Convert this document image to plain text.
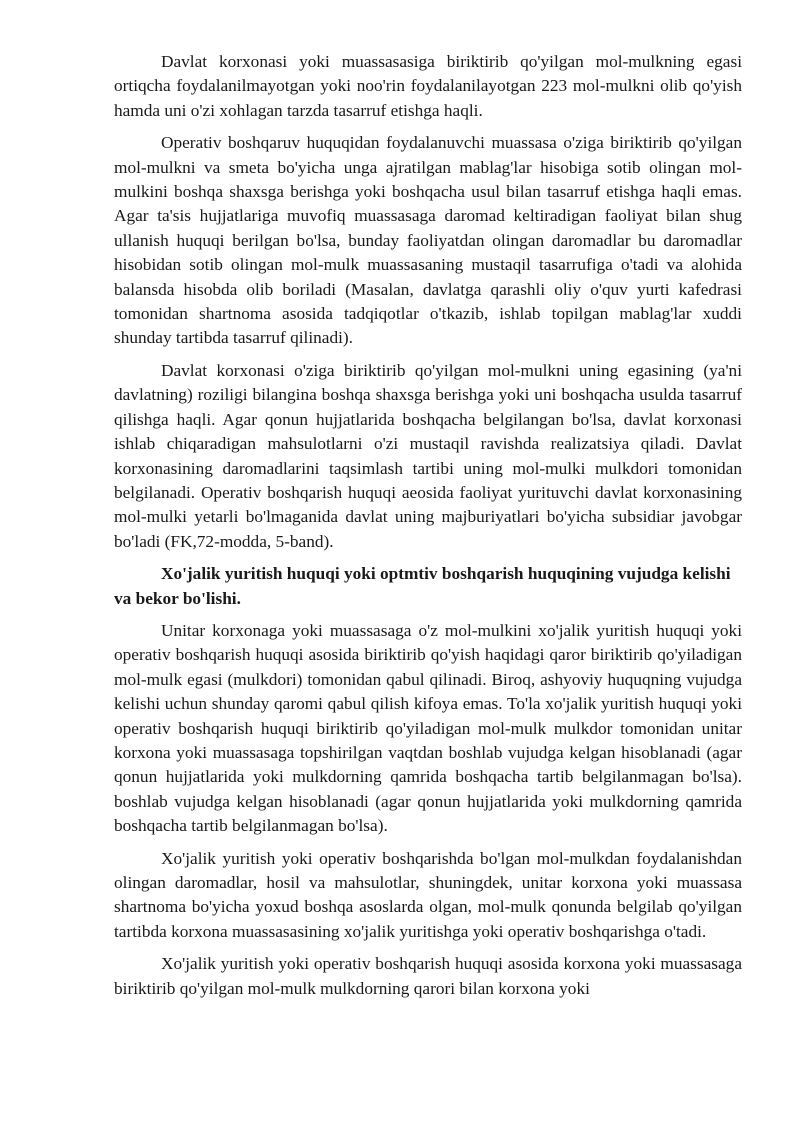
Davlat korxonasi yoki muassasasiga biriktirib qo'yilgan mol-mulkning egasi ortiqcha foydalanilmayotgan yoki noo'rin foydalanilayotgan 223 mol-mulkni olib qo'yish hamda uni o'zi xohlagan tarzda tasarruf etishga haqli.

Operativ boshqaruv huquqidan foydalanuvchi muassasa o'ziga biriktirib qo'yilgan mol-mulkni va smeta bo'yicha unga ajratilgan mablag'lar hisobiga sotib olingan mol-mulkini boshqa shaxsga berishga yoki boshqacha usul bilan tasarruf etishga haqli emas. Agar ta'sis hujjatlariga muvofiq muassasaga daromad keltiradigan faoliyat bilan shug ullanish huquqi berilgan bo'lsa, bunday faoliyatdan olingan daromadlar bu daromadlar hisobidan sotib olingan mol-mulk muassasaning mustaqil tasarrufiga o'tadi va alohida balansda hisobda olib boriladi (Masalan, davlatga qarashli oliy o'quv yurti kafedrasi tomonidan shartnoma asosida tadqiqotlar o'tkazib, ishlab topilgan mablag'lar xuddi shunday tartibda tasarruf qilinadi).

Davlat korxonasi o'ziga biriktirib qo'yilgan mol-mulkni uning egasining (ya'ni davlatning) roziligi bilangina boshqa shaxsga berishga yoki uni boshqacha usulda tasarruf qilishga haqli. Agar qonun hujjatlarida boshqacha belgilangan bo'lsa, davlat korxonasi ishlab chiqaradigan mahsulotlarni o'zi mustaqil ravishda realizatsiya qiladi. Davlat korxonasining daromadlarini taqsimlash tartibi uning mol-mulki mulkdori tomonidan belgilanadi. Operativ boshqarish huquqi aeosida faoliyat yurituvchi davlat korxonasining mol-mulki yetarli bo'lmaganida davlat uning majburiyatlari bo'yicha subsidiar javobgar bo'ladi (FK,72-modda, 5-band).

Xo'jalik yuritish huquqi yoki optmtiv boshqarish huquqining vujudga kelishi va bekor bo'lishi.

Unitar korxonaga yoki muassasaga o'z mol-mulkini xo'jalik yuritish huquqi yoki operativ boshqarish huquqi asosida biriktirib qo'yish haqidagi qaror biriktirib qo'yiladigan mol-mulk egasi (mulkdori) tomonidan qabul qilinadi. Biroq, ashyoviy huquqning vujudga kelishi uchun shunday qaromi qabul qilish kifoya emas. To'la xo'jalik yuritish huquqi yoki operativ boshqarish huquqi biriktirib qo'yiladigan mol-mulk mulkdor tomonidan unitar korxona yoki muassasaga topshirilgan vaqtdan boshlab vujudga kelgan hisoblanadi (agar qonun hujjatlarida yoki mulkdorning qamrida boshqacha tartib belgilanmagan bo'lsa). boshlab vujudga kelgan hisoblanadi (agar qonun hujjatlarida yoki mulkdorning qamrida boshqacha tartib belgilanmagan bo'lsa).

Xo'jalik yuritish yoki operativ boshqarishda bo'lgan mol-mulkdan foydalanishdan olingan daromadlar, hosil va mahsulotlar, shuningdek, unitar korxona yoki muassasa shartnoma bo'yicha yoxud boshqa asoslarda olgan, mol-mulk qonunda belgilab qo'yilgan tartibda korxona muassasasining xo'jalik yuritishga yoki operativ boshqarishga o'tadi.

Xo'jalik yuritish yoki operativ boshqarish huquqi asosida korxona yoki muassasaga biriktirib qo'yilgan mol-mulk mulkdorning qarori bilan korxona yoki
